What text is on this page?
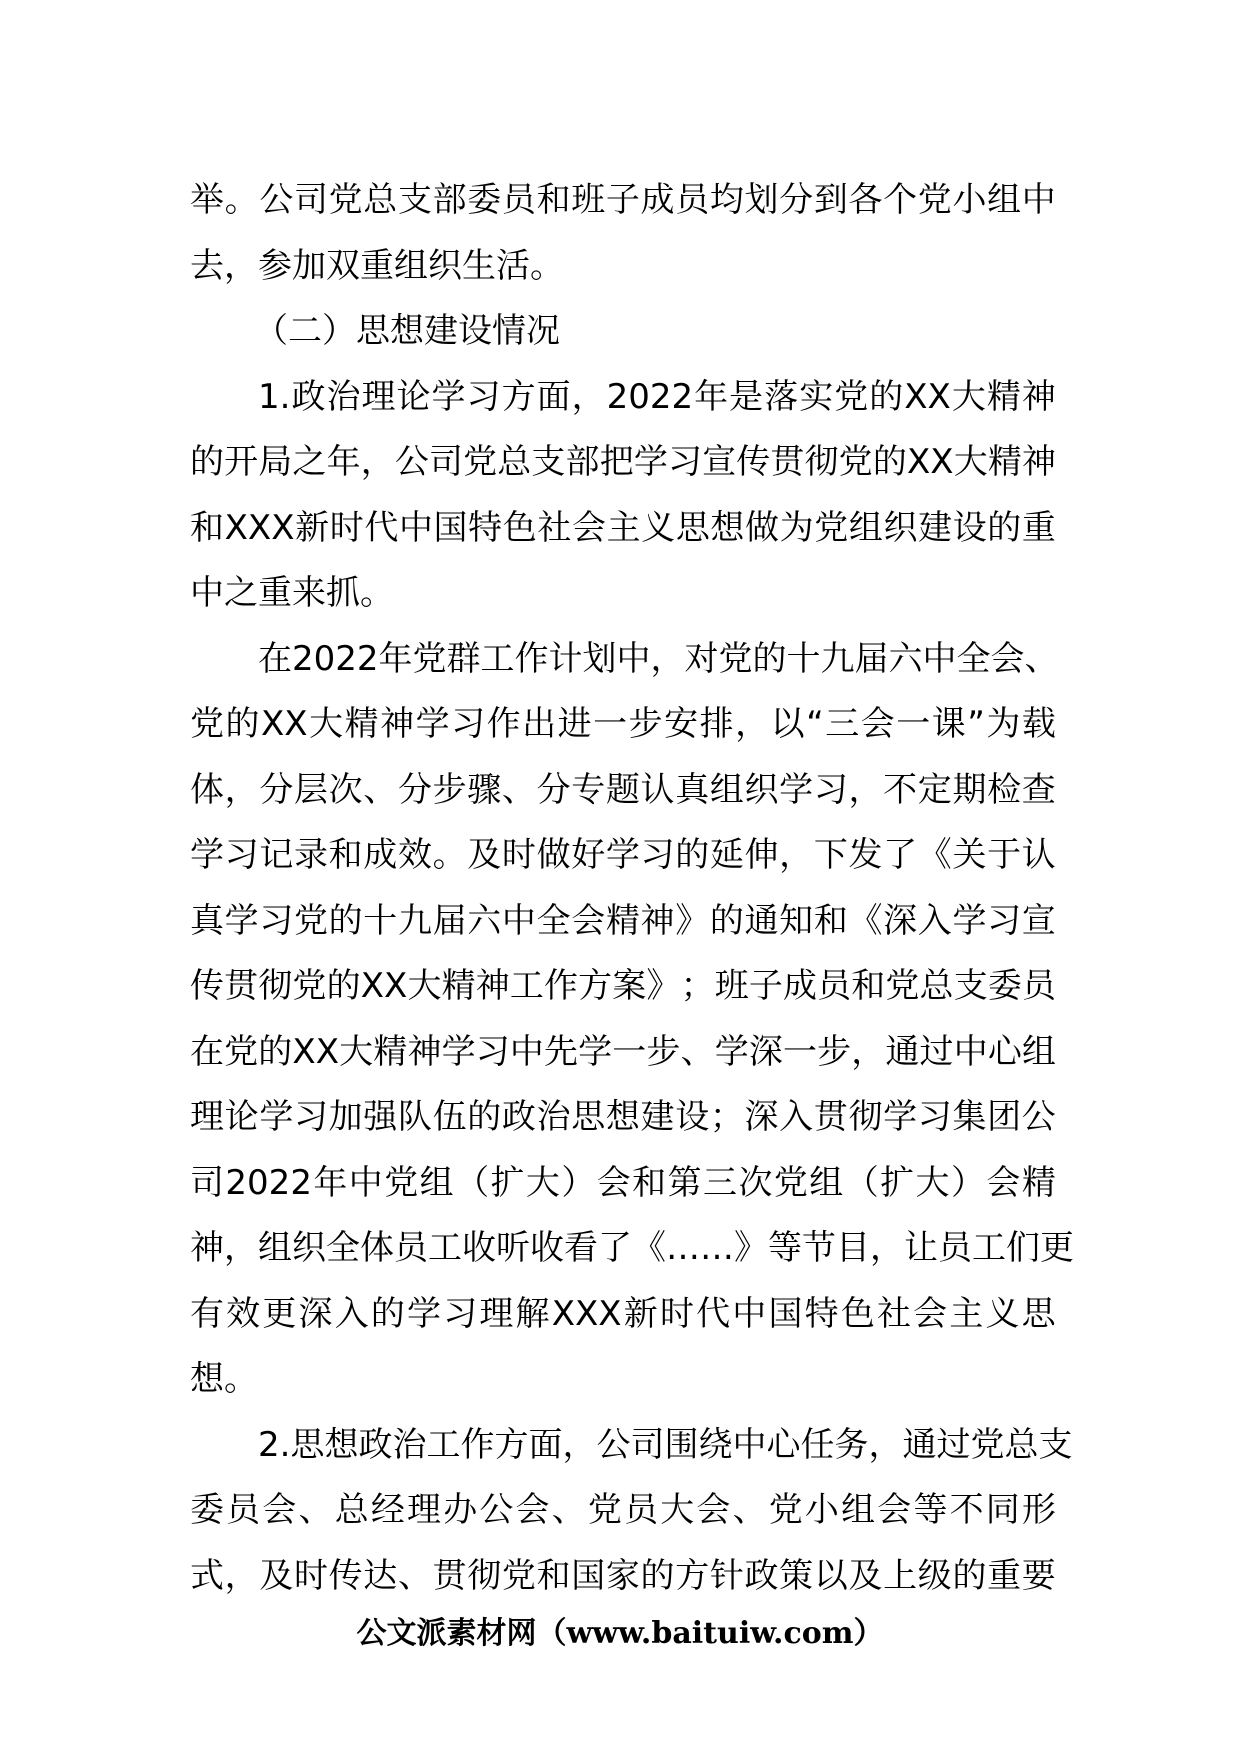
举 。 公 司 党 总 支 部 委 员 和 班 子 成 员 均 划 分 到 各 个 党 小 组 中
去，参加双重组织生活。
（二）思想建设情况
1. 政 治 理 论 学 习 方 面 ， 2022 年 是 落 实 党 的 XX 大 精 神
的 开 局 之 年 ， 公 司 党 总 支 部 把 学 习 宣 传 贯 彻 党 的 XX 大 精 神
和 XXX 新 时 代 中 国 特 色 社 会 主 义 思 想 做 为 党 组 织 建 设 的 重
中之重来抓。
在 2022 年 党 群 工 作 计 划 中 ， 对 党 的 十 九 届 六 中 全 会 、
党 的 XX 大 精 神 学 习 作 出 进 一 步 安 排 ， 以 “ 三 会 一 课 ” 为 载
体 ， 分 层 次 、 分 步 骤 、 分 专 题 认 真 组 织 学 习 ， 不 定 期 检 查
学 习 记 录 和 成 效 。 及 时 做 好 学 习 的 延 伸 ， 下 发 了 《 关 于 认
真 学 习 党 的 十 九 届 六 中 全 会 精 神 》 的 通 知 和 《 深 入 学 习 宣
传 贯 彻 党 的 XX 大 精 神 工 作 方 案 》 ； 班 子 成 员 和 党 总 支 委 员
在 党 的 XX 大 精 神 学 习 中 先 学 一 步 、 学 深 一 步 ， 通 过 中 心 组
理 论 学 习 加 强 队 伍 的 政 治 思 想 建 设 ； 深 入 贯 彻 学 习 集 团 公
司 2022 年 中 党 组 （ 扩 大 ） 会 和 第 三 次 党 组 （ 扩 大 ） 会 精
神 ， 组 织 全 体 员 工 收 听 收 看 了 《 … … 》 等 节 目 ， 让 员 工 们 更
有 效 更 深 入 的 学 习 理 解 XXX 新 时 代 中 国 特 色 社 会 主 义 思
想。
2. 思 想 政 治 工 作 方 面 ， 公 司 围 绕 中 心 任 务 ， 通 过 党 总 支
委 员 会 、 总 经 理 办 公 会 、 党 员 大 会 、 党 小 组 会 等 不 同 形
式 ， 及 时 传 达 、 贯 彻 党 和 国 家 的 方 针 政 策 以 及 上 级 的 重 要
公文派素材网（www.baituiw.com）
